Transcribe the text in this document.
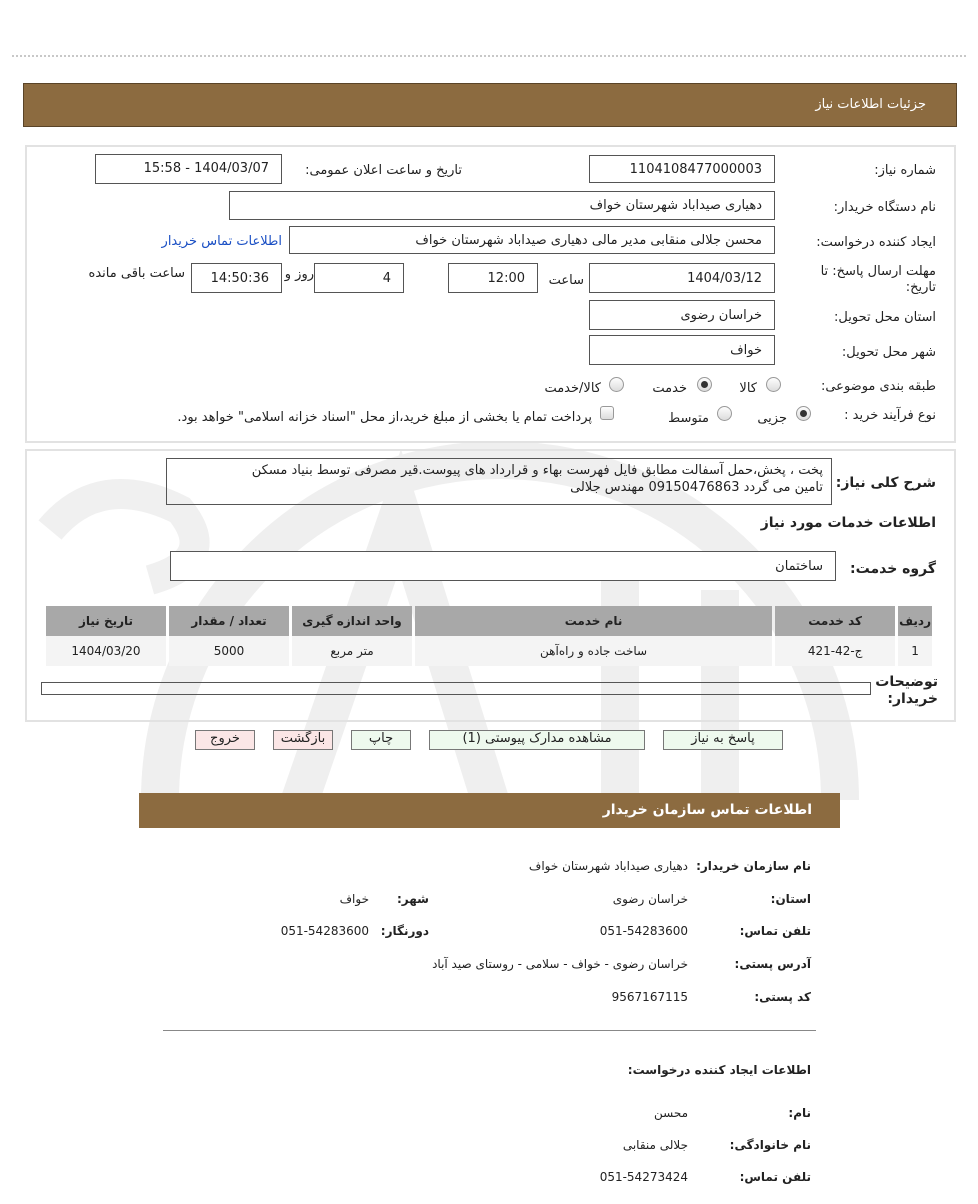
جزئیات اطلاعات نیاز
شماره نیاز:
1104108477000003
تاریخ و ساعت اعلان عمومی:
1404/03/07 - 15:58
نام دستگاه خریدار:
دهیاری صیداباد شهرستان خواف
ایجاد کننده درخواست:
محسن جلالی منقابی مدیر مالی دهیاری صیداباد شهرستان خواف
اطلاعات تماس خریدار
مهلت ارسال پاسخ: تا تاریخ:
1404/03/12
ساعت
12:00
4
روز و
14:50:36
ساعت باقی مانده
استان محل تحویل:
خراسان رضوی
شهر محل تحویل:
خواف
طبقه بندی موضوعی:
کالا
خدمت
کالا/خدمت
نوع فرآیند خرید :
جزیی
متوسط
پرداخت تمام یا بخشی از مبلغ خرید،از محل "اسناد خزانه اسلامی" خواهد بود.
شرح کلی نیاز:
پخت ، پخش،حمل آسفالت مطابق فایل فهرست بهاء و قرارداد های پیوست.قیر مصرفی توسط بنیاد مسکن
تامین می گردد 09150476863 مهندس جلالی
اطلاعات خدمات مورد نیاز
گروه خدمت:
ساختمان
ردیف	کد خدمت	نام خدمت	واحد اندازه گیری	تعداد / مقدار	تاریخ نیاز
1	ج-42-421	ساخت جاده و راه‌آهن	متر مربع	5000	1404/03/20
توضیحات خریدار:
پاسخ به نیاز
مشاهده مدارک پیوستی (1)
چاپ
بازگشت
خروج
اطلاعات تماس سازمان خریدار
نام سازمان خریدار:
دهیاری صیداباد شهرستان خواف
استان:
خراسان رضوی
شهر:
خواف
تلفن تماس:
051-54283600
دورنگار:
051-54283600
آدرس پستی:
خراسان رضوی - خواف - سلامی - روستای صید آباد
کد پستی:
9567167115
اطلاعات ایجاد کننده درخواست:
نام:
محسن
نام خانوادگی:
جلالی منقابی
تلفن تماس:
051-54273424
